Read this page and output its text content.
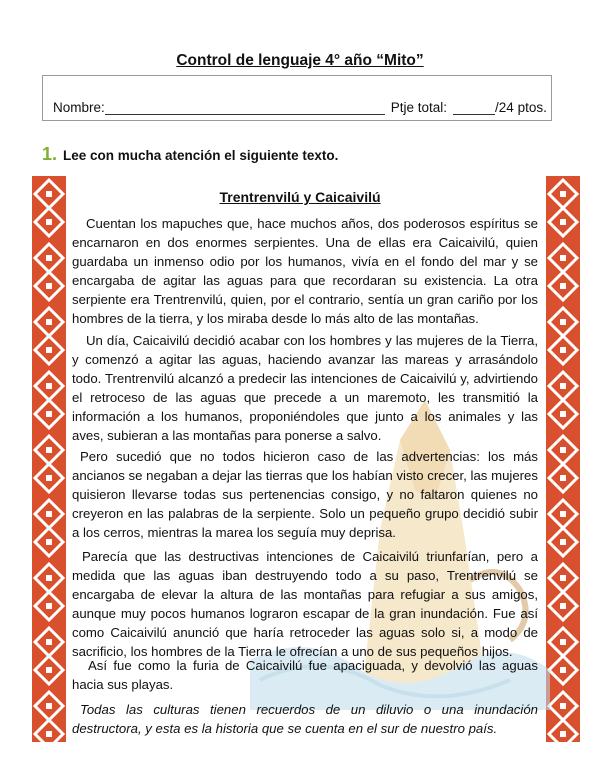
Control de lenguaje 4° año “Mito”
Nombre:	Ptje total:	/24 ptos.
1. Lee con mucha atención el siguiente texto.
Trentrenvilú y Caicaivilú
Cuentan los mapuches que, hace muchos años, dos poderosos espíritus se encarnaron en dos enormes serpientes. Una de ellas era Caicaivilú, quien guardaba un inmenso odio por los humanos, vivía en el fondo del mar y se encargaba de agitar las aguas para que recordaran su existencia. La otra serpiente era Trentrenvilú, quien, por el contrario, sentía un gran cariño por los hombres de la tierra, y los miraba desde lo más alto de las montañas.
Un día, Caicaivilú decidió acabar con los hombres y las mujeres de la Tierra, y comenzó a agitar las aguas, haciendo avanzar las mareas y arrasándolo todo. Trentrenvilú alcanzó a predecir las intenciones de Caicaivilú y, advirtiendo el retroceso de las aguas que precede a un maremoto, les transmitió la información a los humanos, proponiéndoles que junto a los animales y las aves, subieran a las montañas para ponerse a salvo.
Pero sucedió que no todos hicieron caso de las advertencias: los más ancianos se negaban a dejar las tierras que los habían visto crecer, las mujeres quisieron llevarse todas sus pertenencias consigo, y no faltaron quienes no creyeron en las palabras de la serpiente. Solo un pequeño grupo decidió subir a los cerros, mientras la marea los seguía muy deprisa.
Parecía que las destructivas intenciones de Caicaivilú triunfarían, pero a medida que las aguas iban destruyendo todo a su paso, Trentrenvilú se encargaba de elevar la altura de las montañas para refugiar a sus amigos, aunque muy pocos humanos lograron escapar de la gran inundación. Fue así como Caicaivilú anunció que haría retroceder las aguas solo si, a modo de sacrificio, los hombres de la Tierra le ofrecían a uno de sus pequeños hijos.
Así fue como la furia de Caicaivilú fue apaciguada, y devolvió las aguas hacia sus playas.
Todas las culturas tienen recuerdos de un diluvio o una inundación destructora, y esta es la historia que se cuenta en el sur de nuestro país.
